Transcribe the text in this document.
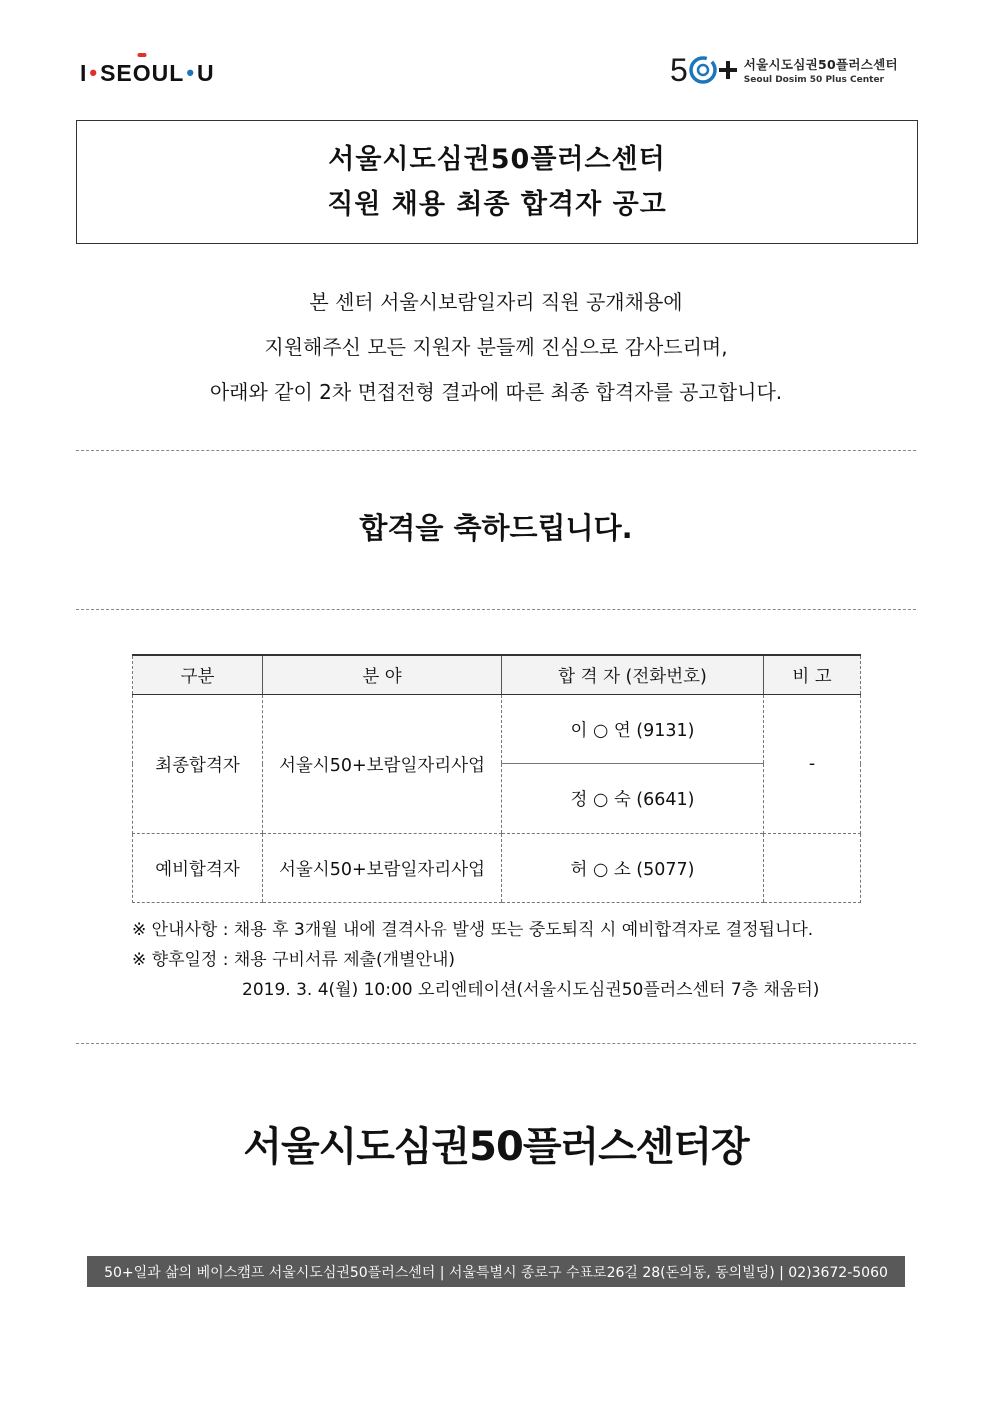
I • SE O UL • U	5	서울시도심권50플러스센터
Seoul Dosim 50 Plus Center
서울시도심권50플러스센터
직원 채용 최종 합격자 공고
본 센터 서울시보람일자리 직원 공개채용에
지원해주신 모든 지원자 분들께 진심으로 감사드리며,
아래와 같이 2차 면접전형 결과에 따른 최종 합격자를 공고합니다.
합격을 축하드립니다.
구분	분 야	합 격 자 (전화번호)	비 고
최종합격자	서울시50+보람일자리사업	이 ○ 연 (9131)	-
		정 ○ 숙 (6641)	
예비합격자	서울시50+보람일자리사업	허 ○ 소 (5077)	
※ 안내사항 : 채용 후 3개월 내에 결격사유 발생 또는 중도퇴직 시 예비합격자로 결정됩니다.
※ 향후일정 : 채용 구비서류 제출(개별안내)
2019. 3. 4(월) 10:00 오리엔테이션(서울시도심권50플러스센터 7층 채움터)
서울시도심권50플러스센터장
50+일과 삶의 베이스캠프 서울시도심권50플러스센터 | 서울특별시 종로구 수표로26길 28(돈의동, 동의빌딩) | 02)3672-5060
